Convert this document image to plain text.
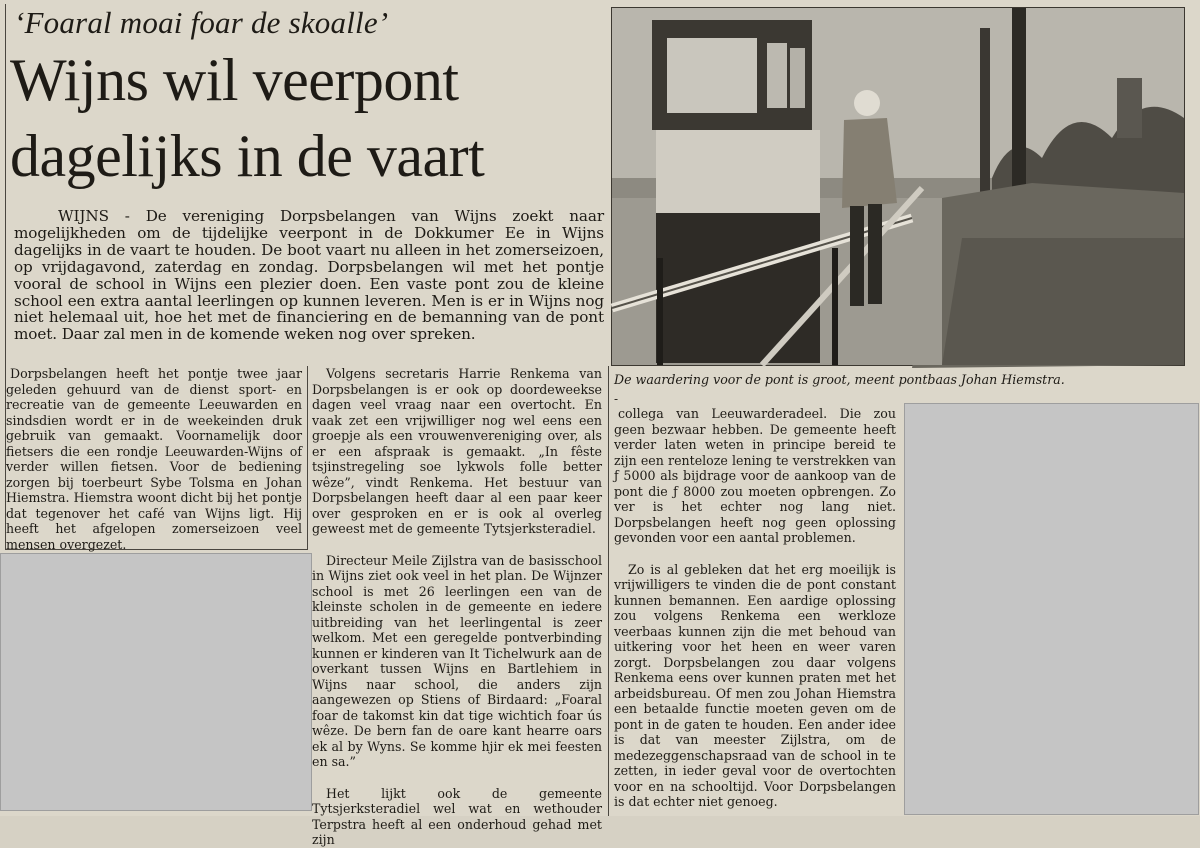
‘Foaral moai foar de skoalle’
Wijns wil veerpont
dagelijks in de vaart

WIJNS - De vereniging Dorpsbelangen van Wijns zoekt naar mogelijkheden om de tijdelijke veerpont in de Dokkumer Ee in Wijns dagelijks in de vaart te houden. De boot vaart nu alleen in het zomerseizoen, op vrijdagavond, zaterdag en zondag. Dorpsbelangen wil met het pontje vooral de school in Wijns een plezier doen. Een vaste pont zou de kleine school een extra aantal leerlingen op kunnen leveren. Men is er in Wijns nog niet helemaal uit, hoe het met de financiering en de bemanning van de pont moet. Daar zal men in de komende weken nog over spreken.

Dorpsbelangen heeft het pontje twee jaar geleden gehuurd van de dienst sport- en recreatie van de gemeente Leeuwarden en sindsdien wordt er in de weekeinden druk gebruik van gemaakt. Voornamelijk door fietsers die een rondje Leeuwarden-Wijns of verder willen fietsen. Voor de bediening zorgen bij toerbeurt Sybe Tolsma en Johan Hiemstra. Hiemstra woont dicht bij het pontje dat tegenover het café van Wijns ligt. Hij heeft het afgelopen zomerseizoen veel mensen overgezet.

Volgens secretaris Harrie Renkema van Dorpsbelangen is er ook op doordeweekse dagen veel vraag naar een overtocht. En vaak zet een vrijwilliger nog wel eens een groepje als een vrouwenvereniging over, als er een afspraak is gemaakt. „In fêste tsjinstregeling soe lykwols folle better wêze”, vindt Renkema. Het bestuur van Dorpsbelangen heeft daar al een paar keer over gesproken en er is ook al overleg geweest met de gemeente Tytsjerksteradiel.

Directeur Meile Zijlstra van de basisschool in Wijns ziet ook veel in het plan. De Wijnzer school is met 26 leerlingen een van de kleinste scholen in de gemeente en iedere uitbreiding van het leerlingental is zeer welkom. Met een geregelde pontverbinding kunnen er kinderen van It Tichelwurk aan de overkant tussen Wijns en Bartlehiem in Wijns naar school, die anders zijn aangewezen op Stiens of Birdaard: „Foaral foar de takomst kin dat tige wichtich foar ús wêze. De bern fan de oare kant hearre oars ek al by Wyns. Se komme hjir ek mei feesten en sa.”

Het lijkt ook de gemeente Tytsjerksteradiel wel wat en wethouder Terpstra heeft al een onderhoud gehad met zijn

-

collega van Leeuwarderadeel. Die zou geen bezwaar hebben. De gemeente heeft verder laten weten in principe bereid te zijn een renteloze lening te verstrekken van ƒ 5000 als bijdrage voor de aankoop van de pont die ƒ 8000 zou moeten opbrengen. Zo ver is het echter nog lang niet. Dorpsbelangen heeft nog geen oplossing gevonden voor een aantal problemen.

Zo is al gebleken dat het erg moeilijk is vrijwilligers te vinden die de pont constant kunnen bemannen. Een aardige oplossing zou volgens Renkema een werkloze veerbaas kunnen zijn die met behoud van uitkering voor het heen en weer varen zorgt. Dorpsbelangen zou daar volgens Renkema eens over kunnen praten met het arbeidsbureau. Of men zou Johan Hiemstra een betaalde functie moeten geven om de pont in de gaten te houden. Een ander idee is dat van meester Zijlstra, om de medezeggenschapsraad van de school in te zetten, in ieder geval voor de overtochten voor en na schooltijd. Voor Dorpsbelangen is dat echter niet genoeg.

De waardering voor de pont is groot, meent pontbaas Johan Hiemstra.
